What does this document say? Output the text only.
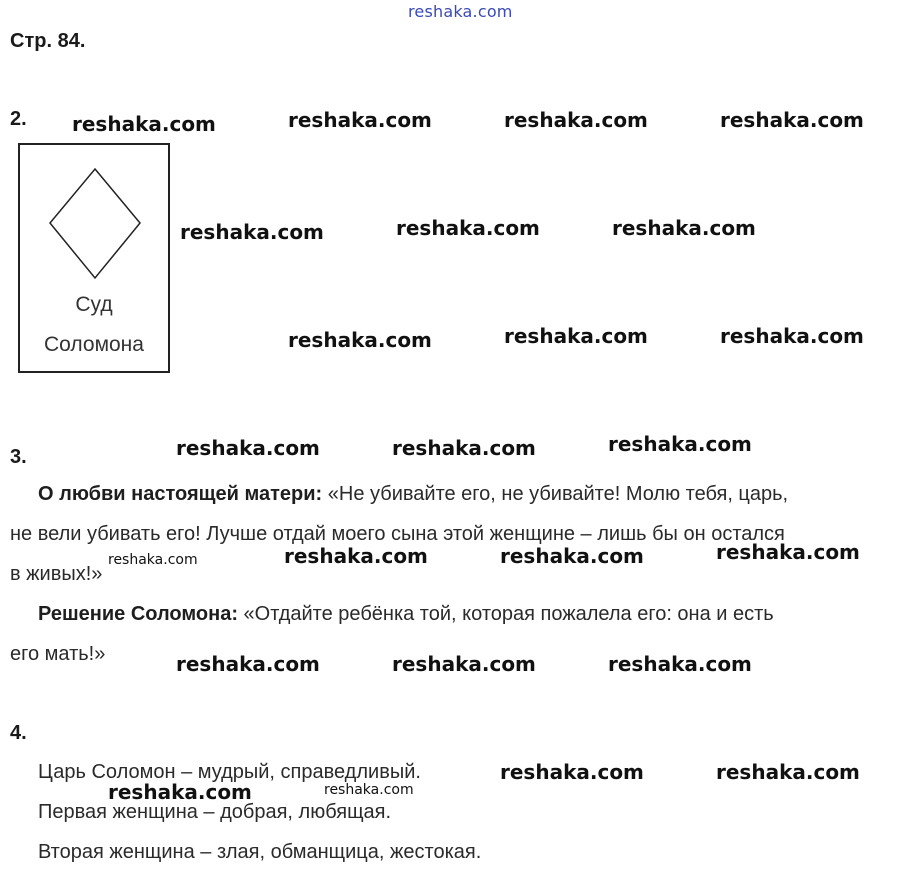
reshaka.com
Стр. 84.
2.
Суд
Соломона
3.
О любви настоящей матери: «Не убивайте его, не убивайте! Молю тебя, царь,
не вели убивать его! Лучше отдай моего сына этой женщине – лишь бы он остался
в живых!»
Решение Соломона: «Отдайте ребёнка той, которая пожалела его: она и есть
его мать!»
4.
Царь Соломон – мудрый, справедливый.
Первая женщина – добрая, любящая.
Вторая женщина – злая, обманщица, жестокая.
reshaka.com	reshaka.com	reshaka.com	reshaka.com
reshaka.com	reshaka.com	reshaka.com
reshaka.com	reshaka.com	reshaka.com
reshaka.com	reshaka.com	reshaka.com
reshaka.com	reshaka.com	reshaka.com	reshaka.com
reshaka.com	reshaka.com	reshaka.com
reshaka.com	reshaka.com
reshaka.com	reshaka.com
